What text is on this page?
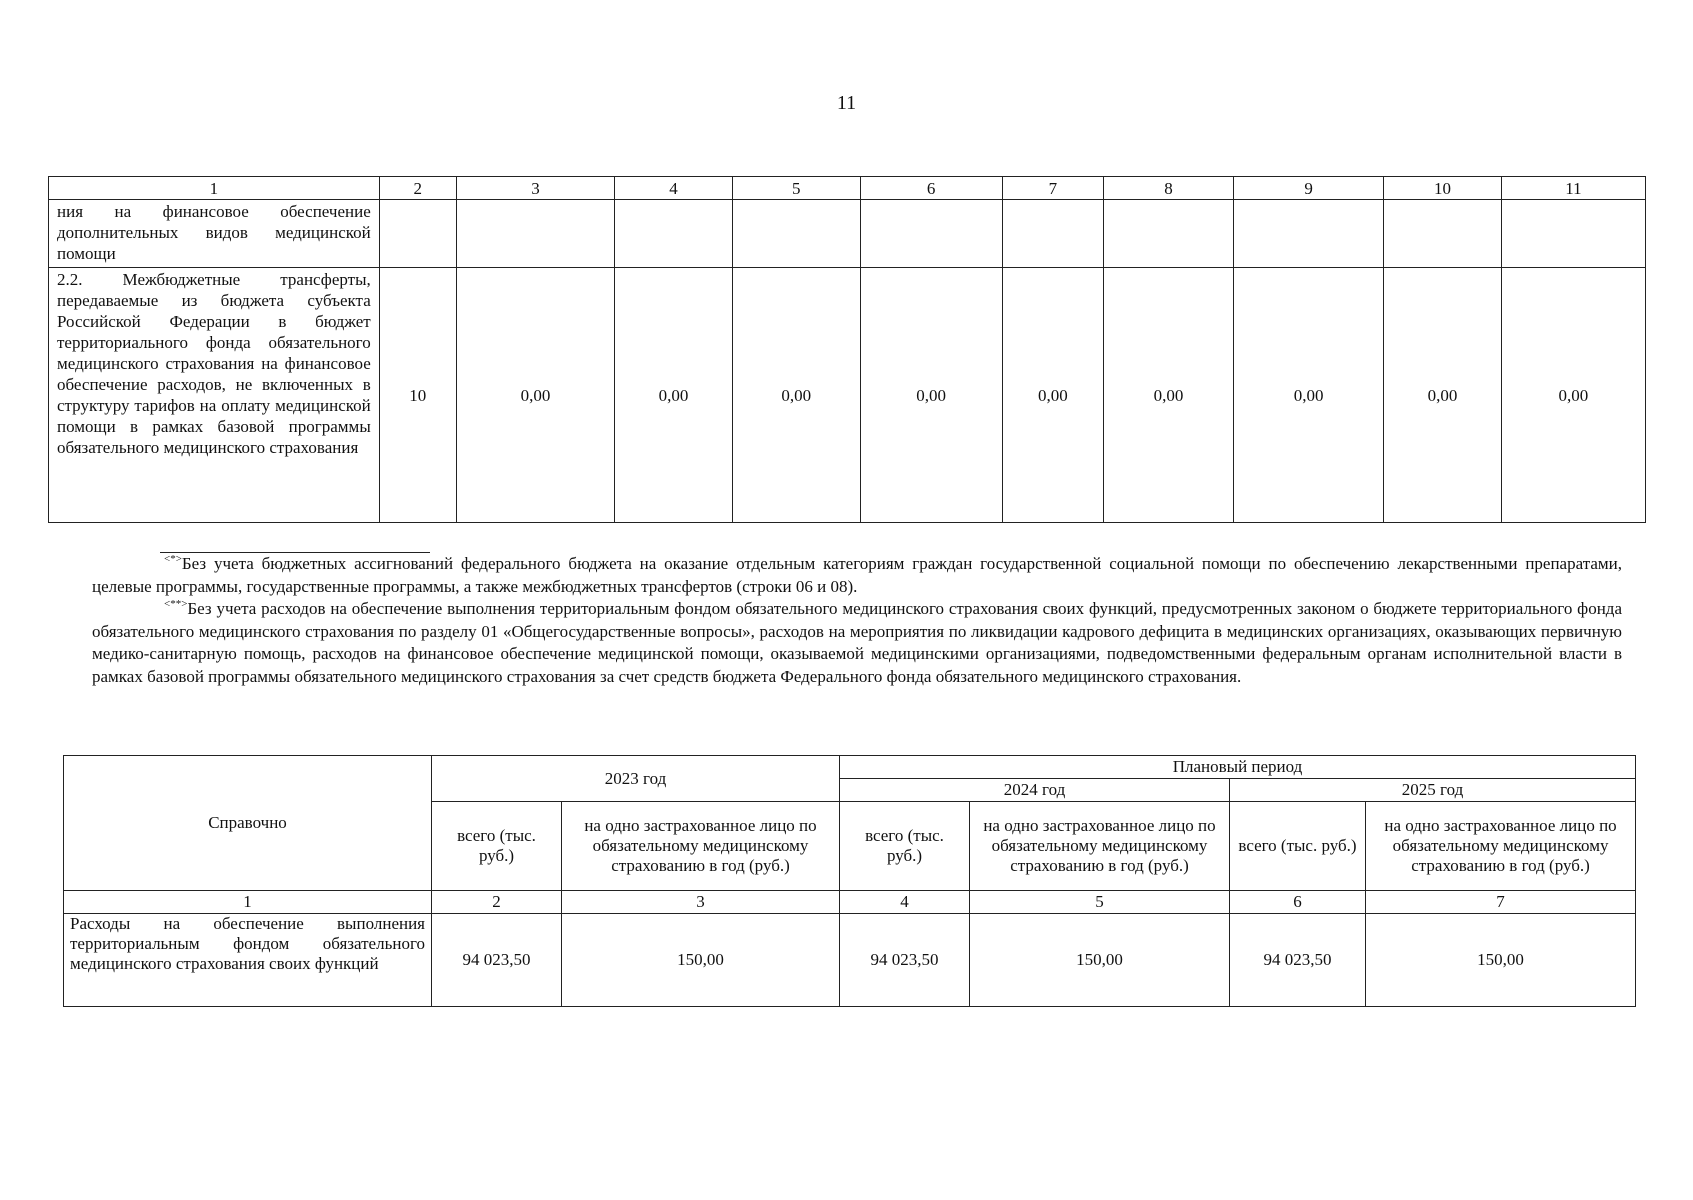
11
1	2	3	4	5	6	7	8	9	10	11
ния на финансовое обеспечение дополнительных видов медицинской помощи										
2.2. Межбюджетные трансферты, передаваемые из бюджета субъекта Российской Федерации в бюджет территориального фонда обязательного медицинского страхования на финансовое обеспечение расходов, не включенных в структуру тарифов на оплату медицинской помощи в рамках базовой программы обязательного медицинского страхования	10	0,00	0,00	0,00	0,00	0,00	0,00	0,00	0,00	0,00

<*>Без учета бюджетных ассигнований федерального бюджета на оказание отдельным категориям граждан государственной социальной помощи по обеспечению лекарственными препаратами, целевые программы, государственные программы, а также межбюджетных трансфертов (строки 06 и 08).

<**>Без учета расходов на обеспечение выполнения территориальным фондом обязательного медицинского страхования своих функций, предусмотренных законом о бюджете территориального фонда обязательного медицинского страхования по разделу 01 «Общегосударственные вопросы», расходов на мероприятия по ликвидации кадрового дефицита в медицинских организациях, оказывающих первичную медико-санитарную помощь, расходов на финансовое обеспечение медицинской помощи, оказываемой медицинскими организациями, подведомственными федеральным органам исполнительной власти в рамках базовой программы обязательного медицинского страхования за счет средств бюджета Федерального фонда обязательного медицинского страхования.

Справочно	2023 год		Плановый период			
			2024 год		2025 год	
	всего (тыс. руб.)	на одно застрахованное лицо по обязательному медицинскому страхованию в год (руб.)	всего (тыс. руб.)	на одно застрахованное лицо по обязательному медицинскому страхованию в год (руб.)	всего (тыс. руб.)	на одно застрахованное лицо по обязательному медицинскому страхованию в год (руб.)
1	2	3	4	5	6	7
Расходы на обеспечение выполнения территориальным фондом обязательного медицинского страхования своих функций	94 023,50	150,00	94 023,50	150,00	94 023,50	150,00
